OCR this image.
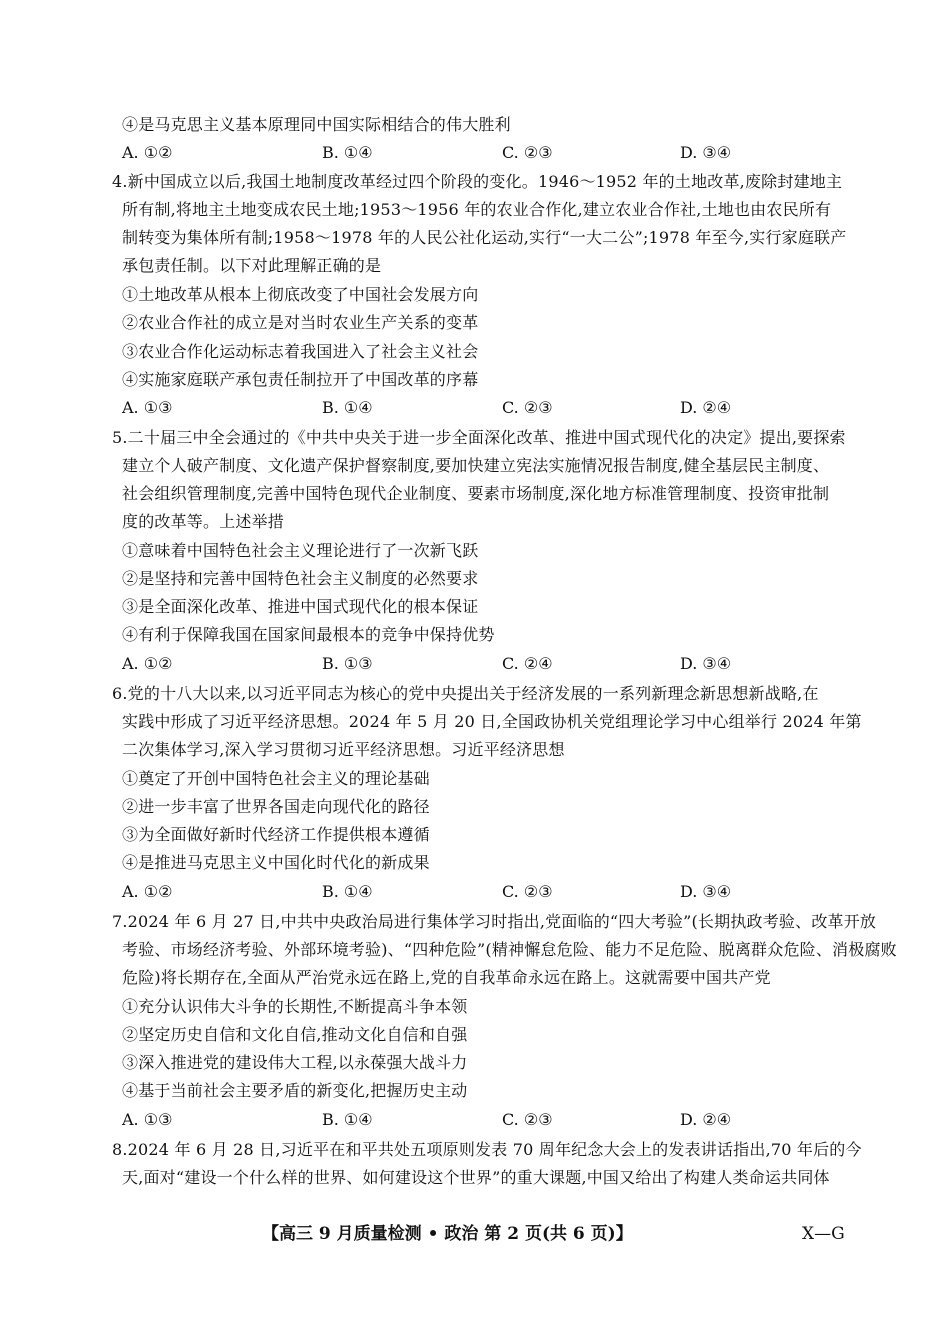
④是马克思主义基本原理同中国实际相结合的伟大胜利
A. ①②	B. ①④	C. ②③	D. ③④
4.新中国成立以后,我国土地制度改革经过四个阶段的变化。1946～1952 年的土地改革,废除封建地主
所有制,将地主土地变成农民土地;1953～1956 年的农业合作化,建立农业合作社,土地也由农民所有
制转变为集体所有制;1958～1978 年的人民公社化运动,实行“一大二公”;1978 年至今,实行家庭联产
承包责任制。以下对此理解正确的是
①土地改革从根本上彻底改变了中国社会发展方向
②农业合作社的成立是对当时农业生产关系的变革
③农业合作化运动标志着我国进入了社会主义社会
④实施家庭联产承包责任制拉开了中国改革的序幕
A. ①③	B. ①④	C. ②③	D. ②④
5.二十届三中全会通过的《中共中央关于进一步全面深化改革、推进中国式现代化的决定》提出,要探索
建立个人破产制度、文化遗产保护督察制度,要加快建立宪法实施情况报告制度,健全基层民主制度、
社会组织管理制度,完善中国特色现代企业制度、要素市场制度,深化地方标准管理制度、投资审批制
度的改革等。上述举措
①意味着中国特色社会主义理论进行了一次新飞跃
②是坚持和完善中国特色社会主义制度的必然要求
③是全面深化改革、推进中国式现代化的根本保证
④有利于保障我国在国家间最根本的竞争中保持优势
A. ①②	B. ①③	C. ②④	D. ③④
6.党的十八大以来,以习近平同志为核心的党中央提出关于经济发展的一系列新理念新思想新战略,在
实践中形成了习近平经济思想。2024 年 5 月 20 日,全国政协机关党组理论学习中心组举行 2024 年第
二次集体学习,深入学习贯彻习近平经济思想。习近平经济思想
①奠定了开创中国特色社会主义的理论基础
②进一步丰富了世界各国走向现代化的路径
③为全面做好新时代经济工作提供根本遵循
④是推进马克思主义中国化时代化的新成果
A. ①②	B. ①④	C. ②③	D. ③④
7.2024 年 6 月 27 日,中共中央政治局进行集体学习时指出,党面临的“四大考验”(长期执政考验、改革开放
考验、市场经济考验、外部环境考验)、“四种危险”(精神懈怠危险、能力不足危险、脱离群众危险、消极腐败
危险)将长期存在,全面从严治党永远在路上,党的自我革命永远在路上。这就需要中国共产党
①充分认识伟大斗争的长期性,不断提高斗争本领
②坚定历史自信和文化自信,推动文化自信和自强
③深入推进党的建设伟大工程,以永葆强大战斗力
④基于当前社会主要矛盾的新变化,把握历史主动
A. ①③	B. ①④	C. ②③	D. ②④
8.2024 年 6 月 28 日,习近平在和平共处五项原则发表 70 周年纪念大会上的发表讲话指出,70 年后的今
天,面对“建设一个什么样的世界、如何建设这个世界”的重大课题,中国又给出了构建人类命运共同体
【高三 9 月质量检测 • 政治 第 2 页(共 6 页)】	X—G
